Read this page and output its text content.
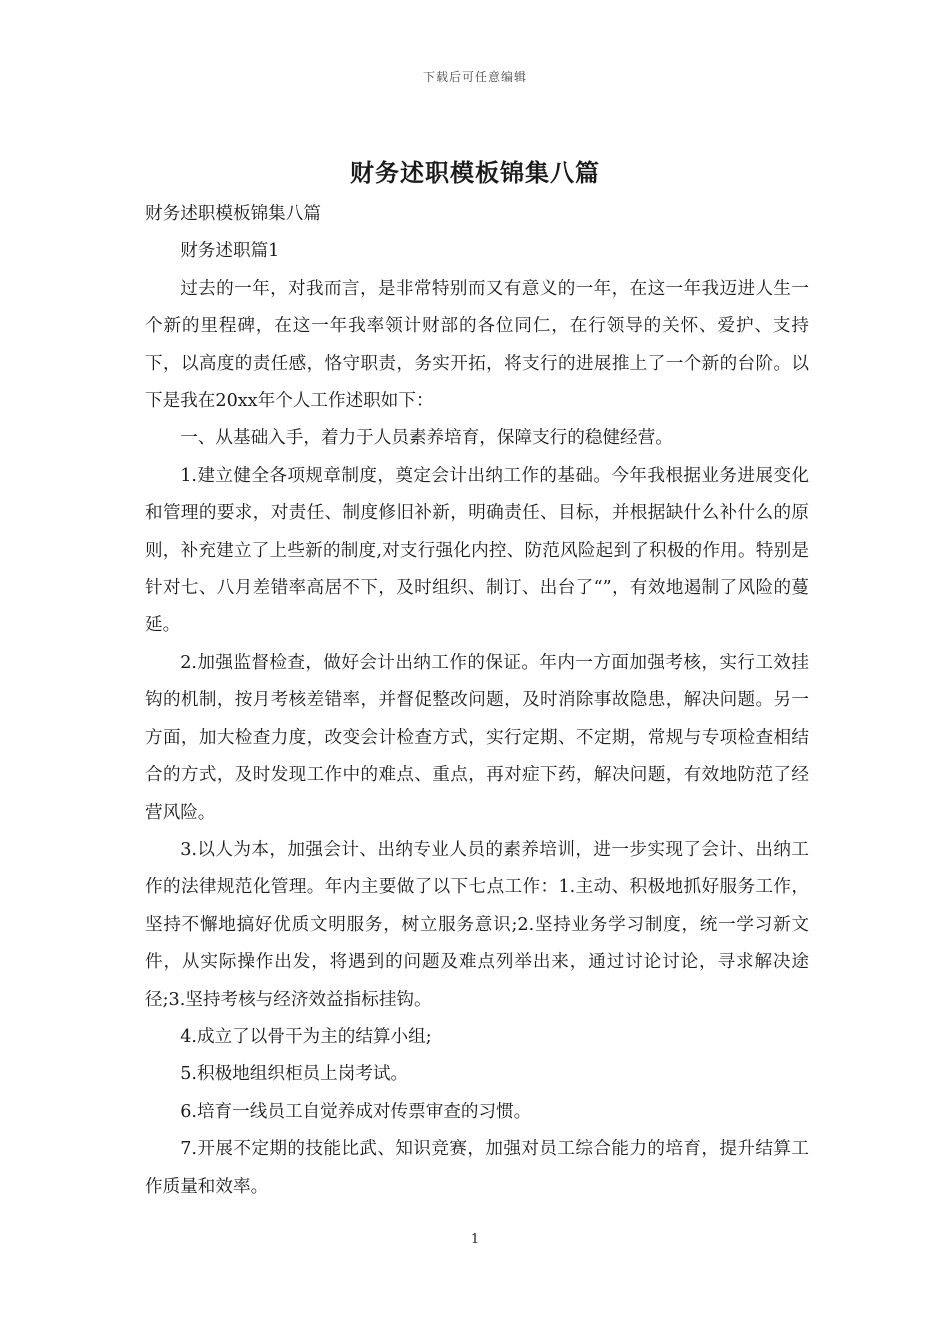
下载后可任意编辑
财务述职模板锦集八篇

财务述职模板锦集八篇

财务述职篇1

过去的一年，对我而言，是非常特别而又有意义的一年，在这一年我迈进人生一个新的里程碑，在这一年我率领计财部的各位同仁，在行领导的关怀、爱护、支持下，以高度的责任感，恪守职责，务实开拓，将支行的进展推上了一个新的台阶。以下是我在20xx年个人工作述职如下：

一、从基础入手，着力于人员素养培育，保障支行的稳健经营。

1.建立健全各项规章制度，奠定会计出纳工作的基础。今年我根据业务进展变化和管理的要求，对责任、制度修旧补新，明确责任、目标，并根据缺什么补什么的原则，补充建立了上些新的制度,对支行强化内控、防范风险起到了积极的作用。特别是针对七、八月差错率高居不下，及时组织、制订、出台了“”，有效地遏制了风险的蔓延。

2.加强监督检查，做好会计出纳工作的保证。年内一方面加强考核，实行工效挂钩的机制，按月考核差错率，并督促整改问题，及时消除事故隐患，解决问题。另一方面，加大检查力度，改变会计检查方式，实行定期、不定期，常规与专项检查相结合的方式，及时发现工作中的难点、重点，再对症下药，解决问题，有效地防范了经营风险。

3.以人为本，加强会计、出纳专业人员的素养培训，进一步实现了会计、出纳工作的法律规范化管理。年内主要做了以下七点工作：1.主动、积极地抓好服务工作，坚持不懈地搞好优质文明服务，树立服务意识;2.坚持业务学习制度，统一学习新文件，从实际操作出发，将遇到的问题及难点列举出来，通过讨论讨论，寻求解决途径;3.坚持考核与经济效益指标挂钩。

4.成立了以骨干为主的结算小组;

5.积极地组织柜员上岗考试。

6.培育一线员工自觉养成对传票审查的习惯。

7.开展不定期的技能比武、知识竞赛，加强对员工综合能力的培育，提升结算工作质量和效率。

1
